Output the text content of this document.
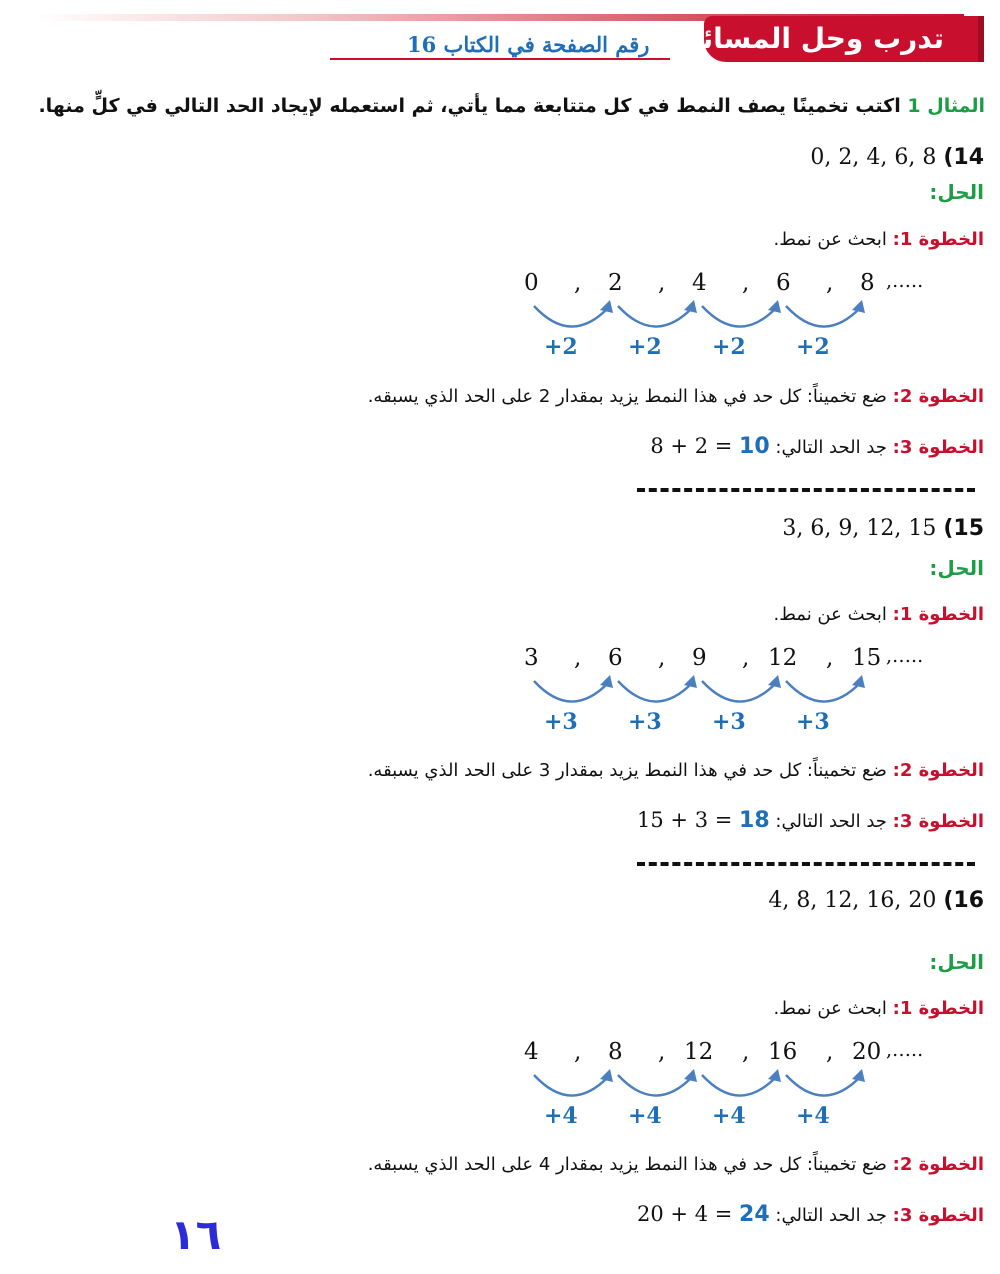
تدرب وحل المسائل
رقم الصفحة في الكتاب 16
المثال 1 اكتب تخمينًا يصف النمط في كل متتابعة مما يأتي، ثم استعمله لإيجاد الحد التالي في كلٍّ منها.
0, 2, 4, 6, 8 (14
الحل:
الخطوة 1: ابحث عن نمط.
الخطوة 2: ضع تخميناً: كل حد في هذا النمط يزيد بمقدار 2 على الحد الذي يسبقه.
الخطوة 3: جد الحد التالي: 8 + 2 = 10
3, 6, 9, 12, 15 (15
الحل:
الخطوة 1: ابحث عن نمط.
الخطوة 2: ضع تخميناً: كل حد في هذا النمط يزيد بمقدار 3 على الحد الذي يسبقه.
الخطوة 3: جد الحد التالي: 15 + 3 = 18
4, 8, 12, 16, 20 (16
الحل:
الخطوة 1: ابحث عن نمط.
الخطوة 2: ضع تخميناً: كل حد في هذا النمط يزيد بمقدار 4 على الحد الذي يسبقه.
الخطوة 3: جد الحد التالي: 20 + 4 = 24
١٦
0 , 2 , 4 , 6 , 8 ,…..
+2 +2 +2 +2
3 , 6 , 9 , 12 , 15 ,…..
+3 +3 +3 +3
4 , 8 , 12 , 16 , 20 ,…..
+4 +4 +4 +4
